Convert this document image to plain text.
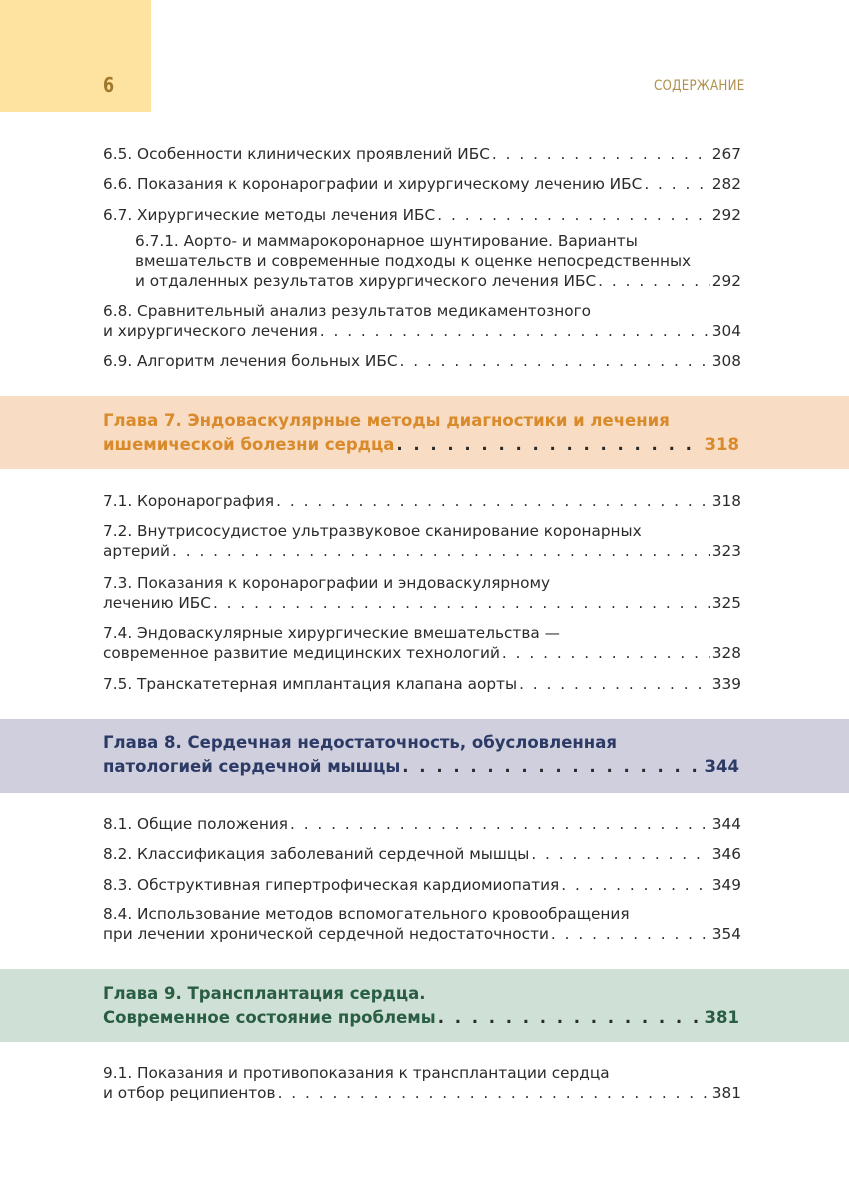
6	СОДЕРЖАНИЕ
6.5. Особенности клинических проявлений ИБС . . .	267
6.6. Показания к коронарографии и хирургическому лечению ИБС . . .	282
6.7. Хирургические методы лечения ИБС . . .	292
6.7.1. Аорто- и маммарокоронарное шунтирование. Варианты
вмешательств и современные подходы к оценке непосредственных
и отдаленных результатов хирургического лечения ИБС . . .	292
6.8. Сравнительный анализ результатов медикаментозного
и хирургического лечения . . .	304
6.9. Алгоритм лечения больных ИБС . . .	308
Глава 7. Эндоваскулярные методы диагностики и лечения
ишемической болезни сердца . . .	318
7.1. Коронарография . . .	318
7.2. Внутрисосудистое ультразвуковое сканирование коронарных
артерий . . .	323
7.3. Показания к коронарографии и эндоваскулярному
лечению ИБС . . .	325
7.4. Эндоваскулярные хирургические вмешательства —
современное развитие медицинских технологий . . .	328
7.5. Транскатетерная имплантация клапана аорты . . .	339
Глава 8. Сердечная недостаточность, обусловленная
патологией сердечной мышцы . . .	344
8.1. Общие положения . . .	344
8.2. Классификация заболеваний сердечной мышцы . . .	346
8.3. Обструктивная гипертрофическая кардиомиопатия . . .	349
8.4. Использование методов вспомогательного кровообращения
при лечении хронической сердечной недостаточности . . .	354
Глава 9. Трансплантация сердца.
Современное состояние проблемы . . .	381
9.1. Показания и противопоказания к трансплантации сердца
и отбор реципиентов . . .	381
